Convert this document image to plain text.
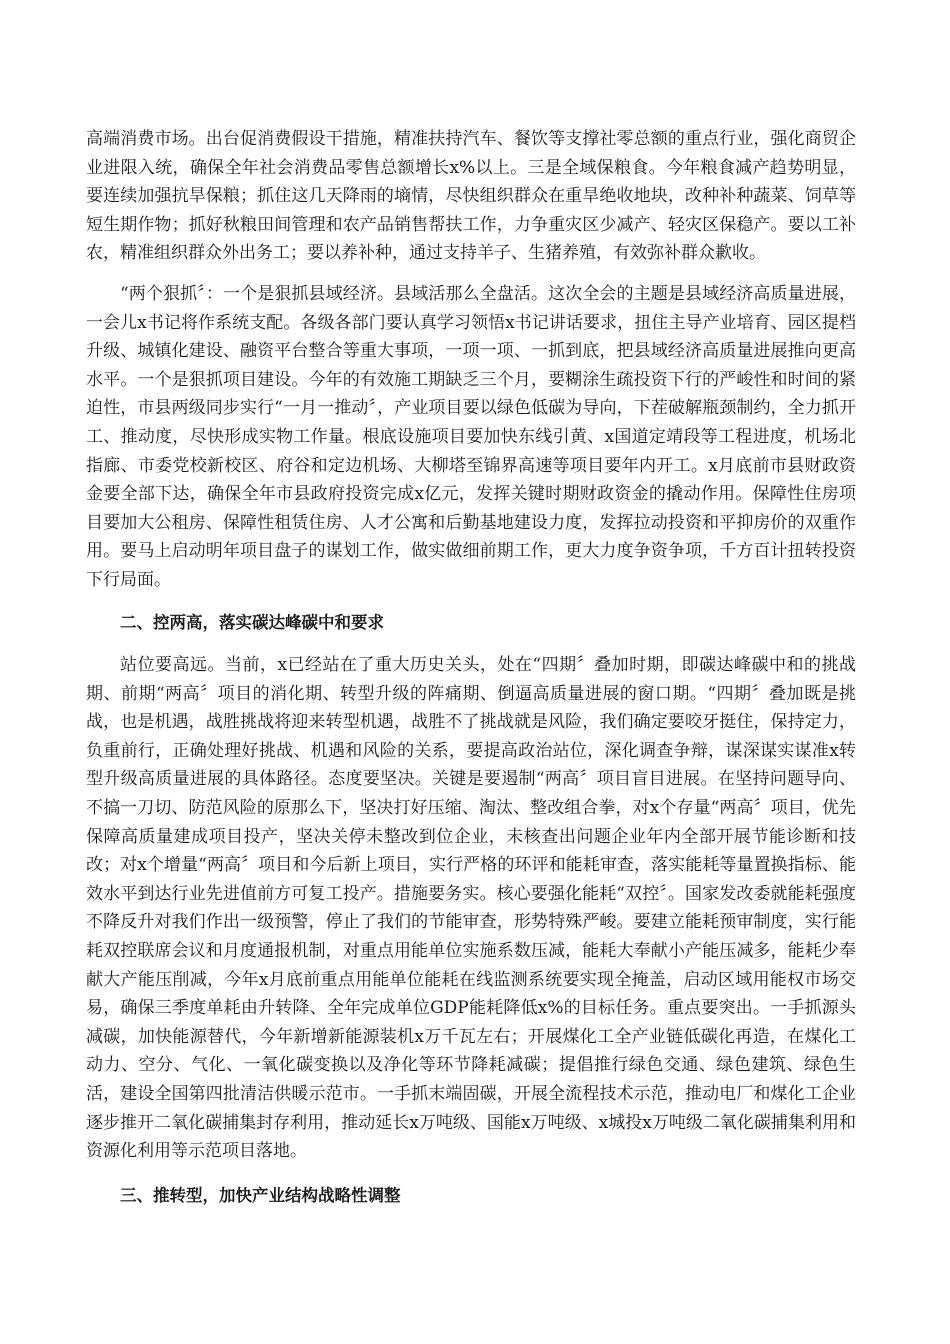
高端消费市场。出台促消费假设干措施，精准扶持汽车、餐饮等支撑社零总额的重点行业，强化商贸企业进限入统，确保全年社会消费品零售总额增长x%以上。三是全域保粮食。今年粮食减产趋势明显，要连续加强抗旱保粮；抓住这几天降雨的墒情，尽快组织群众在重旱绝收地块，改种补种蔬菜、饲草等短生期作物；抓好秋粮田间管理和农产品销售帮扶工作，力争重灾区少减产、轻灾区保稳产。要以工补农，精准组织群众外出务工；要以养补种，通过支持羊子、生猪养殖，有效弥补群众歉收。

“两个狠抓〞：一个是狠抓县域经济。县域活那么全盘活。这次全会的主题是县域经济高质量进展，一会儿x书记将作系统支配。各级各部门要认真学习领悟x书记讲话要求，扭住主导产业培育、园区提档升级、城镇化建设、融资平台整合等重大事项，一项一项、一抓到底，把县域经济高质量进展推向更高水平。一个是狠抓项目建设。今年的有效施工期缺乏三个月，要糊涂生疏投资下行的严峻性和时间的紧迫性，市县两级同步实行“一月一推动〞，产业项目要以绿色低碳为导向，下茬破解瓶颈制约，全力抓开工、推动度，尽快形成实物工作量。根底设施项目要加快东线引黄、x国道定靖段等工程进度，机场北指廊、市委党校新校区、府谷和定边机场、大柳塔至锦界高速等项目要年内开工。x月底前市县财政资金要全部下达，确保全年市县政府投资完成x亿元，发挥关键时期财政资金的撬动作用。保障性住房项目要加大公租房、保障性租赁住房、人才公寓和后勤基地建设力度，发挥拉动投资和平抑房价的双重作用。要马上启动明年项目盘子的谋划工作，做实做细前期工作，更大力度争资争项，千方百计扭转投资下行局面。

二、控两高，落实碳达峰碳中和要求

站位要高远。当前，x已经站在了重大历史关头，处在“四期〞叠加时期，即碳达峰碳中和的挑战期、前期“两高〞项目的消化期、转型升级的阵痛期、倒逼高质量进展的窗口期。“四期〞叠加既是挑战，也是机遇，战胜挑战将迎来转型机遇，战胜不了挑战就是风险，我们确定要咬牙挺住，保持定力，负重前行，正确处理好挑战、机遇和风险的关系，要提高政治站位，深化调查争辩，谋深谋实谋准x转型升级高质量进展的具体路径。态度要坚决。关键是要遏制“两高〞项目盲目进展。在坚持问题导向、不搞一刀切、防范风险的原那么下，坚决打好压缩、淘汰、整改组合拳，对x个存量“两高〞项目，优先保障高质量建成项目投产，坚决关停未整改到位企业，未核查出问题企业年内全部开展节能诊断和技改；对x个增量“两高〞项目和今后新上项目，实行严格的环评和能耗审查，落实能耗等量置换指标、能效水平到达行业先进值前方可复工投产。措施要务实。核心要强化能耗“双控〞。国家发改委就能耗强度不降反升对我们作出一级预警，停止了我们的节能审查，形势特殊严峻。要建立能耗预审制度，实行能耗双控联席会议和月度通报机制，对重点用能单位实施系数压减，能耗大奉献小产能压减多，能耗少奉献大产能压削减，今年x月底前重点用能单位能耗在线监测系统要实现全掩盖，启动区域用能权市场交易，确保三季度单耗由升转降、全年完成单位GDP能耗降低x%的目标任务。重点要突出。一手抓源头减碳，加快能源替代，今年新增新能源装机x万千瓦左右；开展煤化工全产业链低碳化再造，在煤化工动力、空分、气化、一氧化碳变换以及净化等环节降耗减碳；提倡推行绿色交通、绿色建筑、绿色生活，建设全国第四批清洁供暖示范市。一手抓末端固碳，开展全流程技术示范，推动电厂和煤化工企业逐步推开二氧化碳捕集封存利用，推动延长x万吨级、国能x万吨级、x城投x万吨级二氧化碳捕集利用和资源化利用等示范项目落地。

三、推转型，加快产业结构战略性调整
